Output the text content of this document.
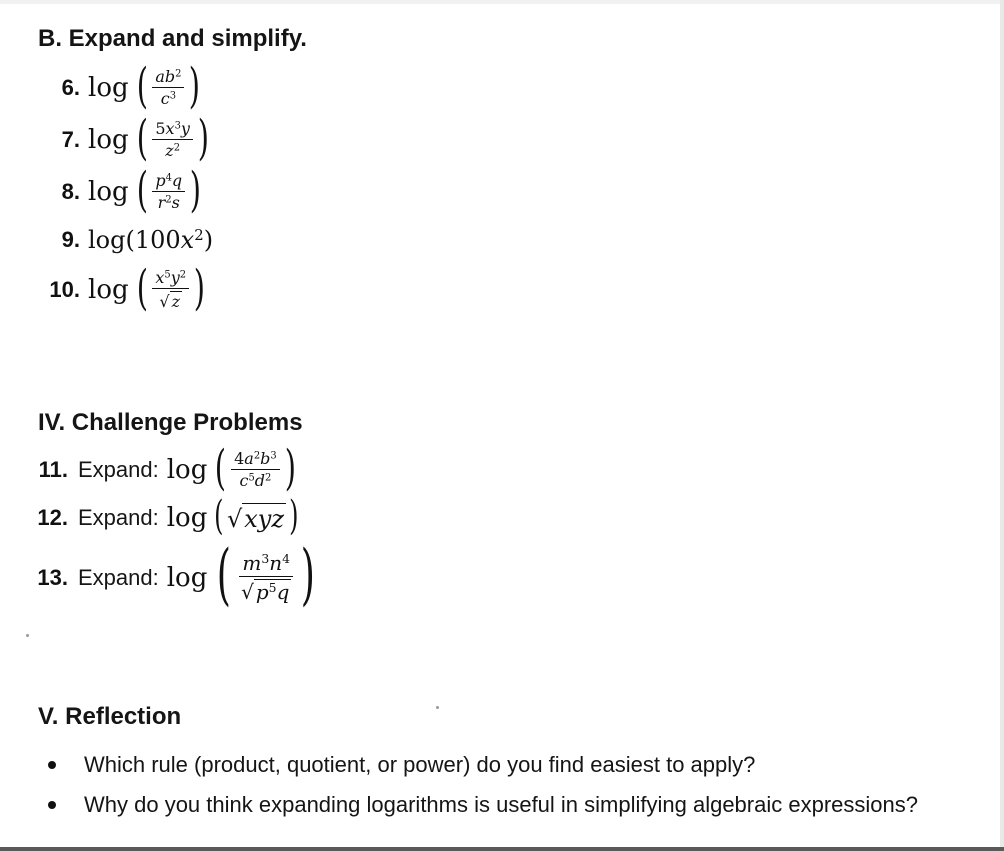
B. Expand and simplify.
6. log ( $\frac{ab^2}{c^3}$ )
7. log ( $\frac{5x^3y}{z^2}$ )
8. log ( $\frac{p^4q}{r^2s}$ )
9. $\log(100x^2)$
10. log ( $\frac{x^5y^2}{√ z}$ )
IV. Challenge Problems
11. Expand: log ( $\frac{4a^2b^3}{c^5d^2}$ )
12. Expand: log ( √ xyz )
13. Expand: log ( $\frac{m^3n^4}{√ p^5q}$ )
V. Reflection
Which rule (product, quotient, or power) do you find easiest to apply?
Why do you think expanding logarithms is useful in simplifying algebraic expressions?
